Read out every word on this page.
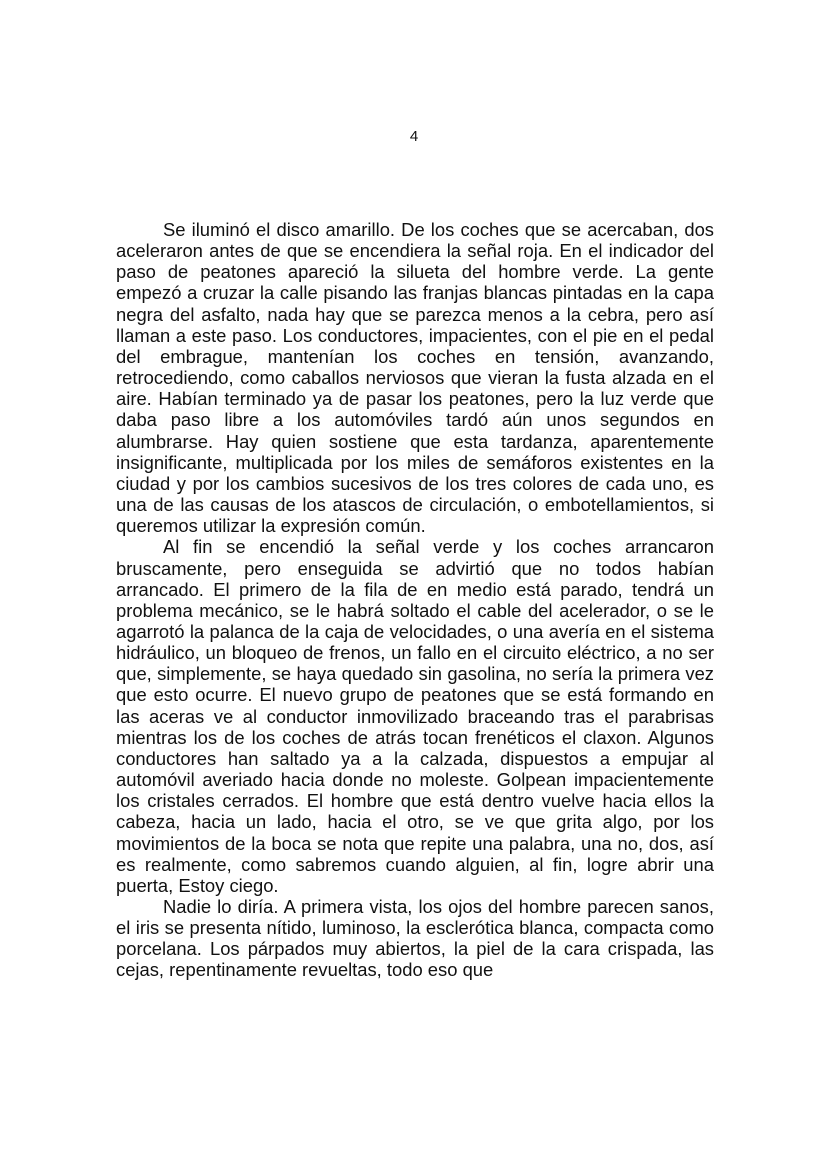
4

Se iluminó el disco amarillo. De los coches que se acercaban, dos aceleraron antes de que se encendiera la señal roja. En el indicador del paso de peatones apareció la silueta del hombre verde. La gente empezó a cruzar la calle pisando las franjas blancas pintadas en la capa negra del asfalto, nada hay que se parezca menos a la cebra, pero así llaman a este paso. Los conductores, impacientes, con el pie en el pedal del embrague, mantenían los coches en tensión, avanzando, retrocediendo, como caballos nerviosos que vieran la fusta alzada en el aire. Habían terminado ya de pasar los peatones, pero la luz verde que daba paso libre a los automóviles tardó aún unos segundos en alumbrarse. Hay quien sostiene que esta tardanza, aparentemente insignificante, multiplicada por los miles de semáforos existentes en la ciudad y por los cambios sucesivos de los tres colores de cada uno, es una de las causas de los atascos de circulación, o embotellamientos, si queremos utilizar la expresión común.

Al fin se encendió la señal verde y los coches arrancaron bruscamente, pero enseguida se advirtió que no todos habían arrancado. El primero de la fila de en medio está parado, tendrá un problema mecánico, se le habrá soltado el cable del acelerador, o se le agarrotó la palanca de la caja de velocidades, o una avería en el sistema hidráulico, un bloqueo de frenos, un fallo en el circuito eléctrico, a no ser que, simplemente, se haya quedado sin gasolina, no sería la primera vez que esto ocurre. El nuevo grupo de peatones que se está formando en las aceras ve al conductor inmovilizado braceando tras el parabrisas mientras los de los coches de atrás tocan frenéticos el claxon. Algunos conductores han saltado ya a la calzada, dispuestos a empujar al automóvil averiado hacia donde no moleste. Golpean impacientemente los cristales cerrados. El hombre que está dentro vuelve hacia ellos la cabeza, hacia un lado, hacia el otro, se ve que grita algo, por los movimientos de la boca se nota que repite una palabra, una no, dos, así es realmente, como sabremos cuando alguien, al fin, logre abrir una puerta, Estoy ciego.

Nadie lo diría. A primera vista, los ojos del hombre parecen sanos, el iris se presenta nítido, luminoso, la esclerótica blanca, compacta como porcelana. Los párpados muy abiertos, la piel de la cara crispada, las cejas, repentinamente revueltas, todo eso que
